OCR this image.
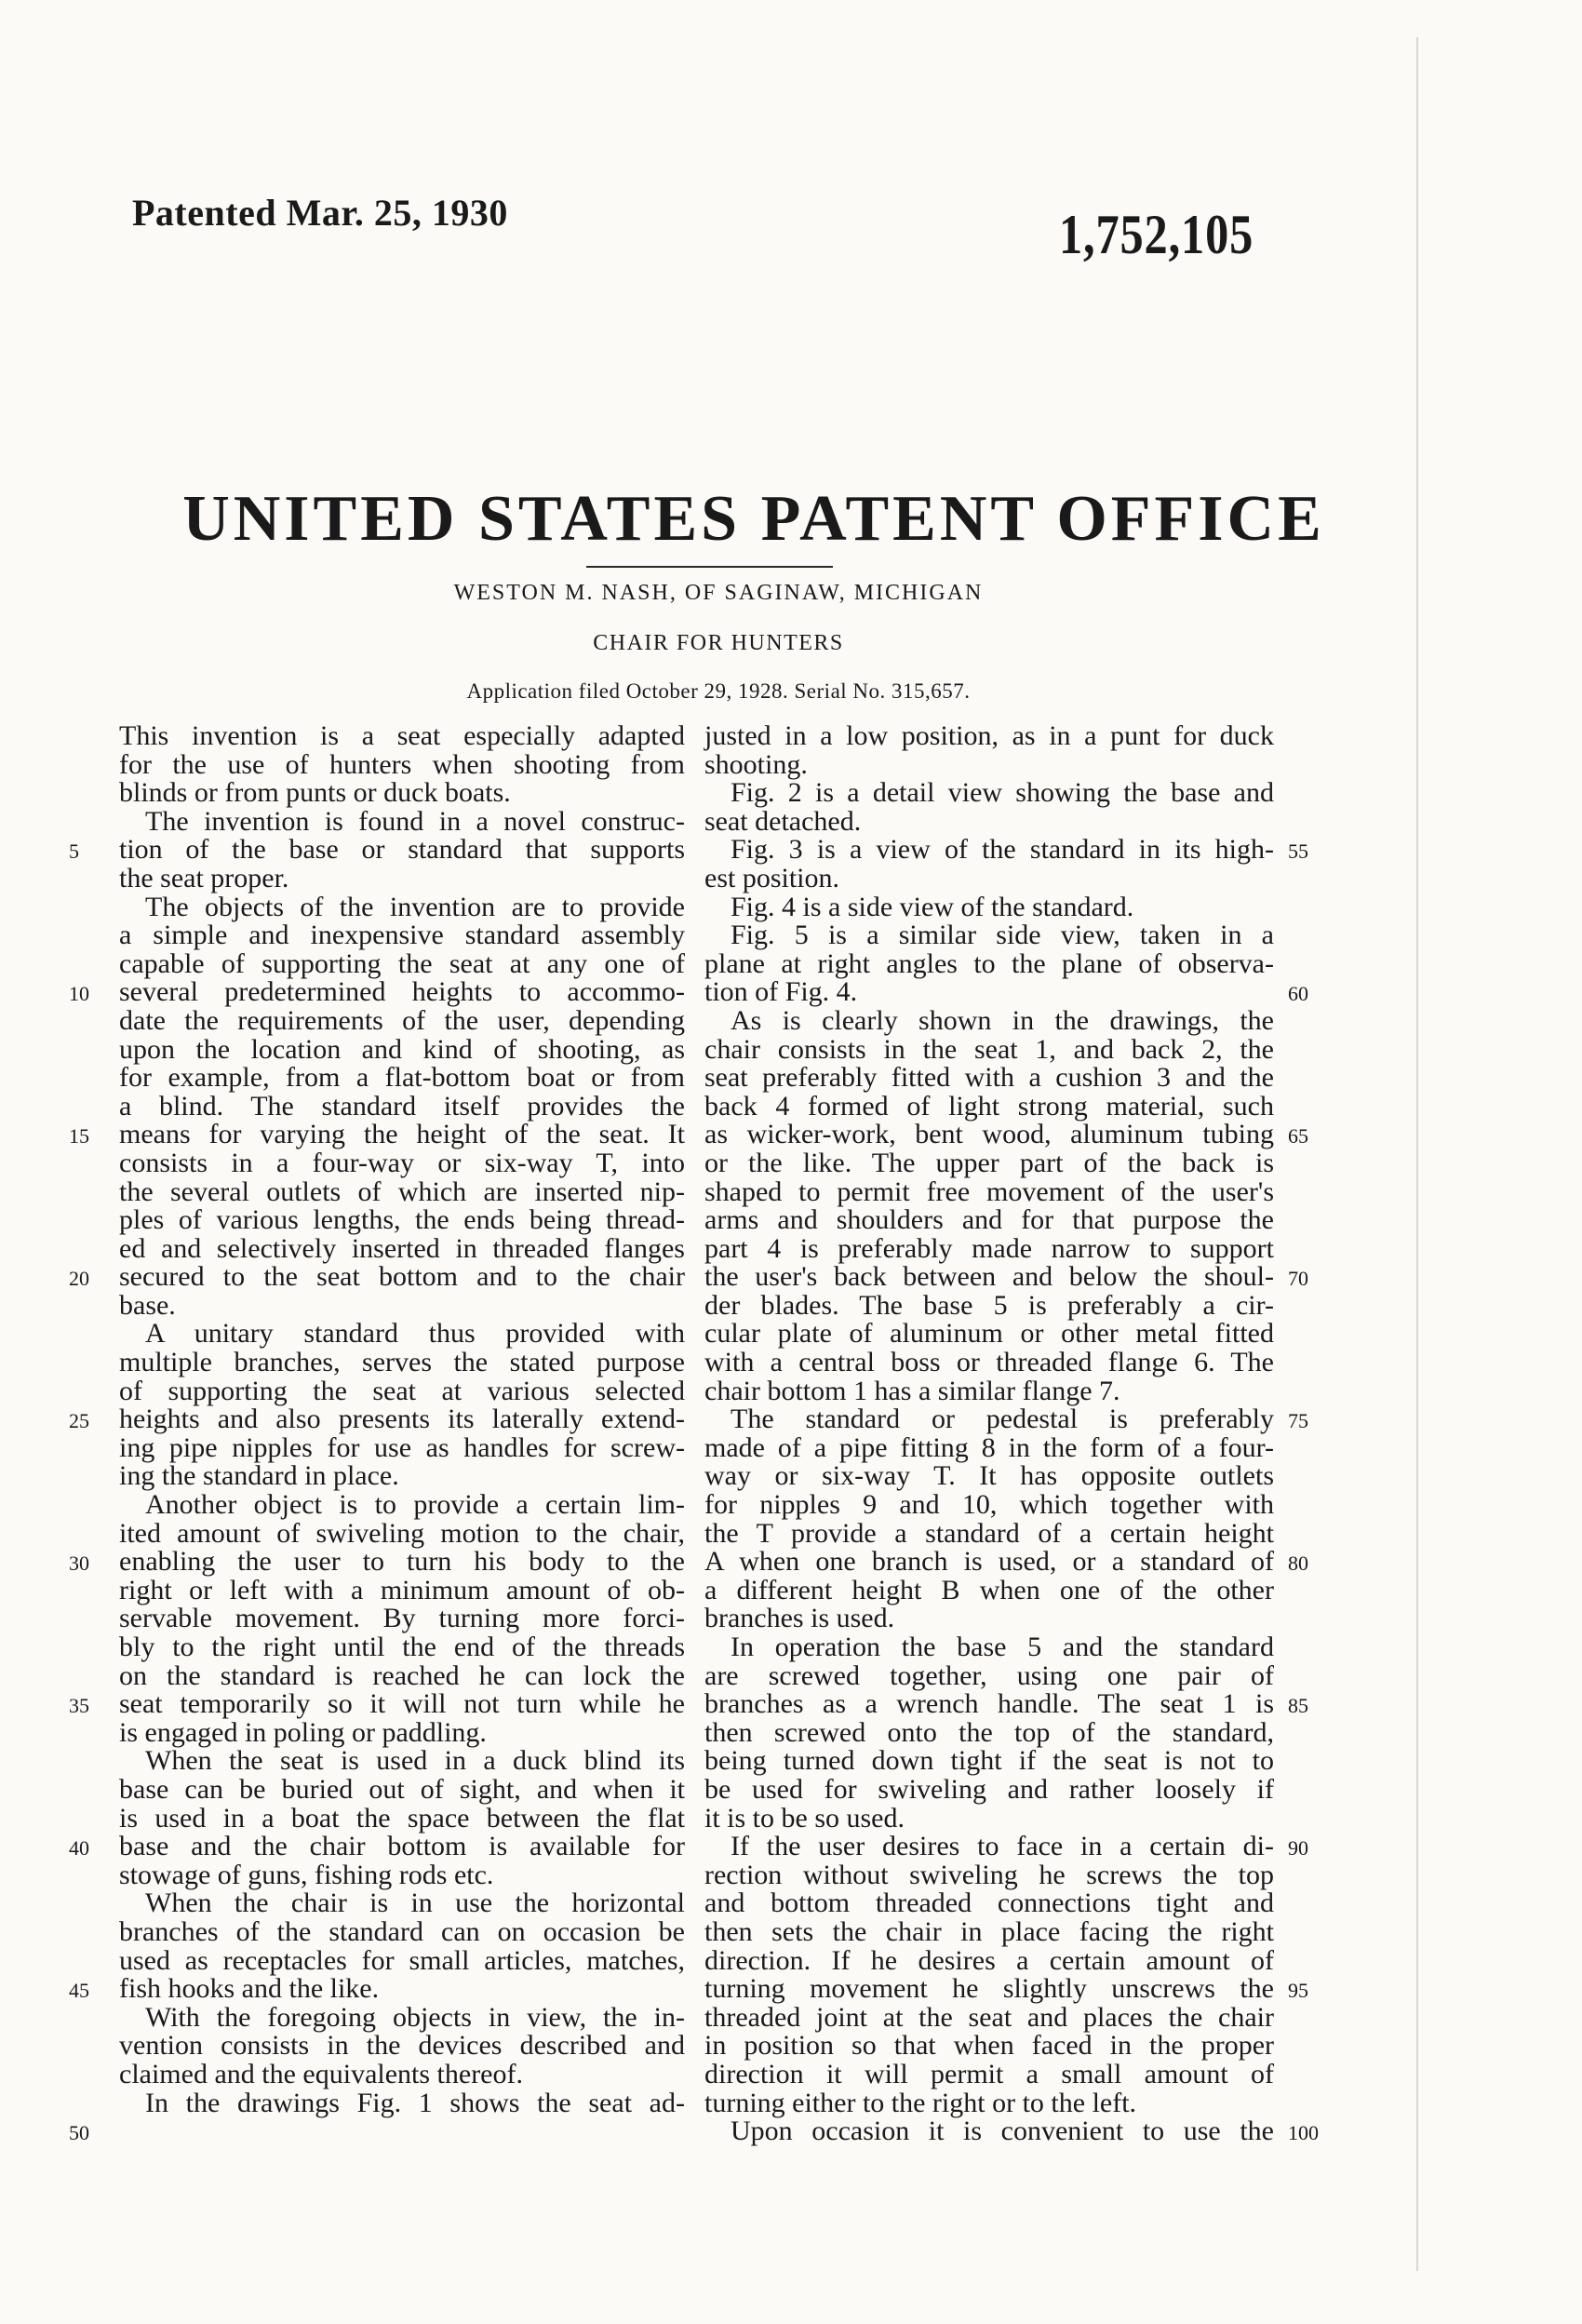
Patented Mar. 25, 1930	1,752,105
UNITED STATES PATENT OFFICE
WESTON M. NASH, OF SAGINAW, MICHIGAN
CHAIR FOR HUNTERS
Application filed October 29, 1928. Serial No. 315,657.
This invention is a seat especially adapted
for the use of hunters when shooting from
blinds or from punts or duck boats.
The invention is found in a novel construc-
tion of the base or standard that supports
the seat proper.
The objects of the invention are to provide
a simple and inexpensive standard assembly
capable of supporting the seat at any one of
several predetermined heights to accommo-
date the requirements of the user, depending
upon the location and kind of shooting, as
for example, from a flat-bottom boat or from
a blind. The standard itself provides the
means for varying the height of the seat. It
consists in a four-way or six-way T, into
the several outlets of which are inserted nip-
ples of various lengths, the ends being thread-
ed and selectively inserted in threaded flanges
secured to the seat bottom and to the chair
base.
A unitary standard thus provided with
multiple branches, serves the stated purpose
of supporting the seat at various selected
heights and also presents its laterally extend-
ing pipe nipples for use as handles for screw-
ing the standard in place.
Another object is to provide a certain lim-
ited amount of swiveling motion to the chair,
enabling the user to turn his body to the
right or left with a minimum amount of ob-
servable movement. By turning more forci-
bly to the right until the end of the threads
on the standard is reached he can lock the
seat temporarily so it will not turn while he
is engaged in poling or paddling.
When the seat is used in a duck blind its
base can be buried out of sight, and when it
is used in a boat the space between the flat
base and the chair bottom is available for
stowage of guns, fishing rods etc.
When the chair is in use the horizontal
branches of the standard can on occasion be
used as receptacles for small articles, matches,
fish hooks and the like.
With the foregoing objects in view, the in-
vention consists in the devices described and
claimed and the equivalents thereof.
In the drawings Fig. 1 shows the seat ad-
justed in a low position, as in a punt for duck
shooting.
Fig. 2 is a detail view showing the base and
seat detached.
Fig. 3 is a view of the standard in its high-
est position.
Fig. 4 is a side view of the standard.
Fig. 5 is a similar side view, taken in a
plane at right angles to the plane of observa-
tion of Fig. 4.
As is clearly shown in the drawings, the
chair consists in the seat 1, and back 2, the
seat preferably fitted with a cushion 3 and the
back 4 formed of light strong material, such
as wicker-work, bent wood, aluminum tubing
or the like. The upper part of the back is
shaped to permit free movement of the user's
arms and shoulders and for that purpose the
part 4 is preferably made narrow to support
the user's back between and below the shoul-
der blades. The base 5 is preferably a cir-
cular plate of aluminum or other metal fitted
with a central boss or threaded flange 6. The
chair bottom 1 has a similar flange 7.
The standard or pedestal is preferably
made of a pipe fitting 8 in the form of a four-
way or six-way T. It has opposite outlets
for nipples 9 and 10, which together with
the T provide a standard of a certain height
A when one branch is used, or a standard of
a different height B when one of the other
branches is used.
In operation the base 5 and the standard
are screwed together, using one pair of
branches as a wrench handle. The seat 1 is
then screwed onto the top of the standard,
being turned down tight if the seat is not to
be used for swiveling and rather loosely if
it is to be so used.
If the user desires to face in a certain di-
rection without swiveling he screws the top
and bottom threaded connections tight and
then sets the chair in place facing the right
direction. If he desires a certain amount of
turning movement he slightly unscrews the
threaded joint at the seat and places the chair
in position so that when faced in the proper
direction it will permit a small amount of
turning either to the right or to the left.
Upon occasion it is convenient to use the
5
10
15
20
25
30
35
40
45
50
55
60
65
70
75
80
85
90
95
100
